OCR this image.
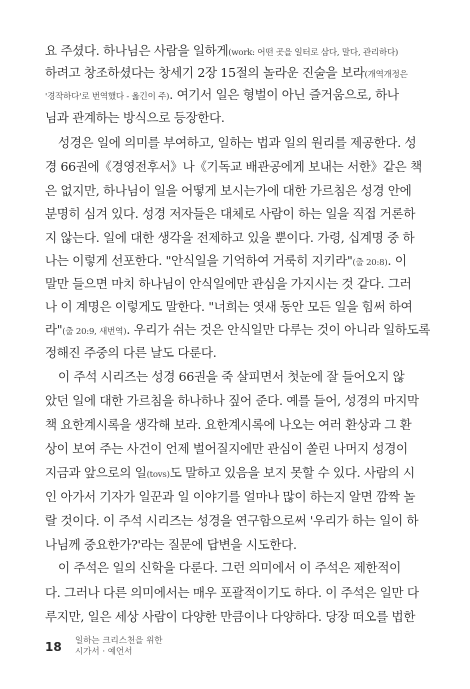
요 주셨다. 하나님은 사람을 일하게(work: 어떤 곳을 일터로 삼다, 말다, 관리하다)
하려고 창조하셨다는 창세기 2장 15절의 놀라운 진술을 보라(개역개정은
'경작하다'로 번역했다 - 옮긴이 주). 여기서 일은 형벌이 아닌 즐거움으로, 하나
님과 관계하는 방식으로 등장한다.
성경은 일에 의미를 부여하고, 일하는 법과 일의 원리를 제공한다. 성
경 66권에《경영전후서》나《기독교 배관공에게 보내는 서한》같은 책
은 없지만, 하나님이 일을 어떻게 보시는가에 대한 가르침은 성경 안에
분명히 심겨 있다. 성경 저자들은 대체로 사람이 하는 일을 직접 거론하
지 않는다. 일에 대한 생각을 전제하고 있을 뿐이다. 가령, 십계명 중 하
나는 이렇게 선포한다. "안식일을 기억하여 거룩히 지키라"(출 20:8). 이
말만 들으면 마치 하나님이 안식일에만 관심을 가지시는 것 같다. 그러
나 이 계명은 이렇게도 말한다. "너희는 엿새 동안 모든 일을 힘써 하여
라"(출 20:9, 새번역). 우리가 쉬는 것은 안식일만 다루는 것이 아니라 일하도록
정해진 주중의 다른 날도 다룬다.
이 주석 시리즈는 성경 66권을 죽 살피면서 첫눈에 잘 들어오지 않
았던 일에 대한 가르침을 하나하나 짚어 준다. 예를 들어, 성경의 마지막
책 요한계시록을 생각해 보라. 요한계시록에 나오는 여러 환상과 그 환
상이 보여 주는 사건이 언제 벌어질지에만 관심이 쏠린 나머지 성경이
지금과 앞으로의 일(tovs)도 말하고 있음을 보지 못할 수 있다. 사람의 시
인 아가서 기자가 일꾼과 일 이야기를 얼마나 많이 하는지 알면 깜짝 놀
랄 것이다. 이 주석 시리즈는 성경을 연구함으로써 '우리가 하는 일이 하
나님께 중요한가?'라는 질문에 답변을 시도한다.
이 주석은 일의 신학을 다룬다. 그런 의미에서 이 주석은 제한적이
다. 그러나 다른 의미에서는 매우 포괄적이기도 하다. 이 주석은 일만 다
루지만, 일은 세상 사람이 다양한 만큼이나 다양하다. 당장 떠오를 법한
18 일하는 크리스천을 위한
시가서 · 예언서
